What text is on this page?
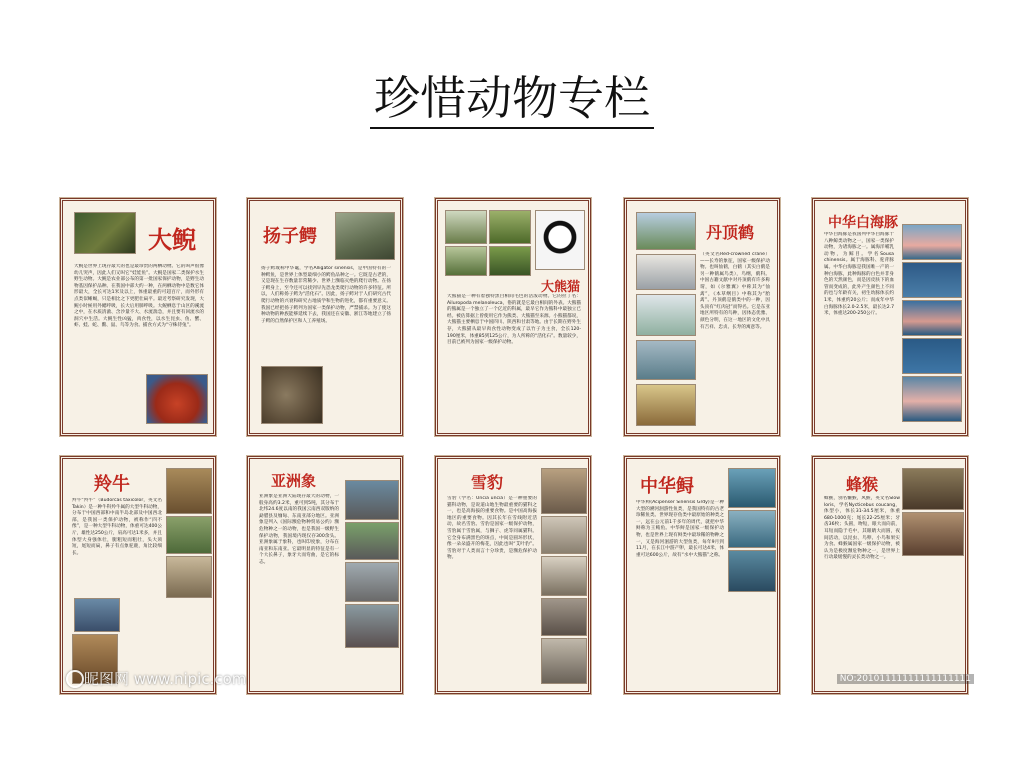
珍惜动物专栏
大鲵
大鲵是世界上现存最大的也是最珍贵的两栖动物。它的叫声很像幼儿哭声，因此人们又叫它“娃娃鱼”。大鲵是国家二类保护水生野生动物。大鲵是农业部公布的第一批国家保护动物，是野生动物基因保护品种。在我国中部大约一种，在两栖动物中是数它体形最大，全长可达1米及以上，体重最重的可超百斤，而外形有点类似蜥蜴，只是相比之下更肥壮扁平。最近考察研究发现，大鲵小时候用外鳃呼吸，长大后用肺呼吸。大鲵栖息于山区的溪流之中，在水质清澈、含沙量不大、水流湍急，并且要有回流水的洞穴中生活。大鲵生性凶猛，肉食性，以水生昆虫、鱼、蟹、虾、蛙、蛇、鳖、鼠、鸟等为食。捕食方式为“守株待兔”。
扬子鳄
扬子鳄或称中华鼍，学名Alligator sinensis，是中国特有的一种鳄鱼，是世界上体型最细小的鳄鱼品种之一。它既是古老的，又是现在生存数量非常稀少、世界上濒临灭绝的爬行动物。在扬子鳄身上，至今还可以找到早先恐龙类爬行动物的许多特征。所以，人们称扬子鳄为“活化石”。因此，扬子鳄对于人们研究古代爬行动物的兴衰和研究古地质学和生物的进化，都有重要意义。我国已经把扬子鳄列为国家一类保护动物，严禁捕杀。为了使这种动物的种族能够延续下去，我国还在安徽、浙江等地建立了扬子鳄的自然保护区和人工养殖场。
大熊猫
大熊猫是一种有着独特黑白相间毛色的活泼动物。它的拉丁名：Ailuropoda melanoleuca，俗的就是它最白相间的外表。大熊猫的熊属是一个独立了一个亿近的科属，最早它作为熊科中最独立已经。被估算据上曾使用它作为熊类、大熊猫至来源。小熊猫都说，大熊猫主要栖息于中国四川、陕西和甘肃等地。由于长期在野外生存，大熊猫从最早肉食性动物变成了以竹子为主食，全长120-190厘米，体重85到125公斤，为人所称的“活化石”。数量较少，目前已被列为国家一级保护动物。
丹顶鹤
（英文名Red-crowned crane）——长寿的象征，国家一级保护动物。也叫仙鹤，白鹤（其实白鹤是另一种鹤属鸟类），鸟纲，鹤科。中国古籍文献中对丹顶鹤有许多称谓，如《尔雅翼》中称其为“仙禽”，《本草纲目》中称其为“胎禽”。丹顶鹤是鹤类中的一种，因头顶有“红肉冠”而得名。它是东亚地区所特有的鸟种，因体态优雅、颜色分明，在这一地区的文化中具有吉祥、忠贞、长寿的寓意等。
中华白海豚
中华白海豚是我国列中华白海豚十八种鲸类动物之一，国家一类保护动物，为诸海豚之一。属海洋哺乳动物，为鲸目。学名Sousa chinensis。属于海豚科、驼背豚属。中华白海豚是我国唯一产的一种白海豚，此种海豚的白色并非身色的天然颜色，而是因皮肤下的血管而变成的，此外产生颜色上不同的也与年龄有关，初生幼豚体长约1米，体重约20公斤；而成年中华白海豚体长2.0-2.5米，最长达2.7米，体重达200-250公斤。
羚牛
羚牛“羚牛”（Budorcas taxicolor，英文名Takin）是一种牛科羚牛属的大型牛科动物，分布于中国西部和中南半岛北部及中国西北部，是我国一类保护动物，被称作“四不像”，是一种大型牛科动物，体重可达400公斤，雄性达250公斤，肩高可达1米多，并且体型大身强体壮，腿粗短而粗壮，头大颈短，尾短而扁，鼻子有点象驼鹿，角比较细长。
亚洲象
亚洲象是亚洲大陆现存最大的动物，一般身高约3.2米，重可到5吨，其分布于北纬24.6度以南的我国云南西双版纳的勐腊县及缅甸、东南亚部分地区。亚洲象是列入《国际濒危物种贸易公约》濒危物种之一的动物，也是我国一级野生保护动物，我国境内现仅存300余头。亚洲象属于象科，也叫印度象，分布在南亚和东南亚。它最明显的特征是有一个大长鼻子，象牙大而弯曲，是它的标志。
雪豹
雪豹（学名：Uncia uncia）是一种重要的猫科动物，是说道山地生物最重要的猫科之一，也是高海拔的重要食物。是中国高海拔地区的重要食物。因其长年在雪线附近活动，故名雪豹。雪豹是国家一级保护动物，雪豹属于雪豹属，与狮子、虎等同属猫科。它全身布满黑色的斑点，中间是圆环形状，像一朵朵盛开的梅花，因此也叫“艾叶豹”。雪豹对于人类而言十分珍贵，是濒危保护动物。
中华鲟
中华鲟(Acipenser Sinensis Grdy)是一种大型的溯河洄游性鱼类，是我国特有的古老珍稀鱼类。世界现存鱼类中最原始的种类之一，远在公元前1千多年的周代，就把中华鲟称为王鲔鱼。中华鲟是国家一级保护动物，也是世界上现有鲟类中最珍稀的物种之一，又是海河洄游的大型鱼类，每年9月到11月，在长江中游产卵，最长可达4米，体重可达600公斤，故有“水中大熊猫”之称。
蜂猴
蜂猴，别名懒猴，风猴，英文名Slow loris，学名Nycticebus coucang，体型小，体长31-34.5厘米，体重680-1000克；尾长22-25厘米；牙齿36枚；头圆，吻短，眼大而向前，耳短而隐于毛中，其眼睛大而圆，夜间活动，以昆虫、鸟卵、小鸟和果实为食。蜂猴属国家一级保护动物，被认为是极度濒危物种之一，是世界上行动最缓慢的灵长类动物之一。
昵图网 www.nipic.com	NO:20101111111111111111
